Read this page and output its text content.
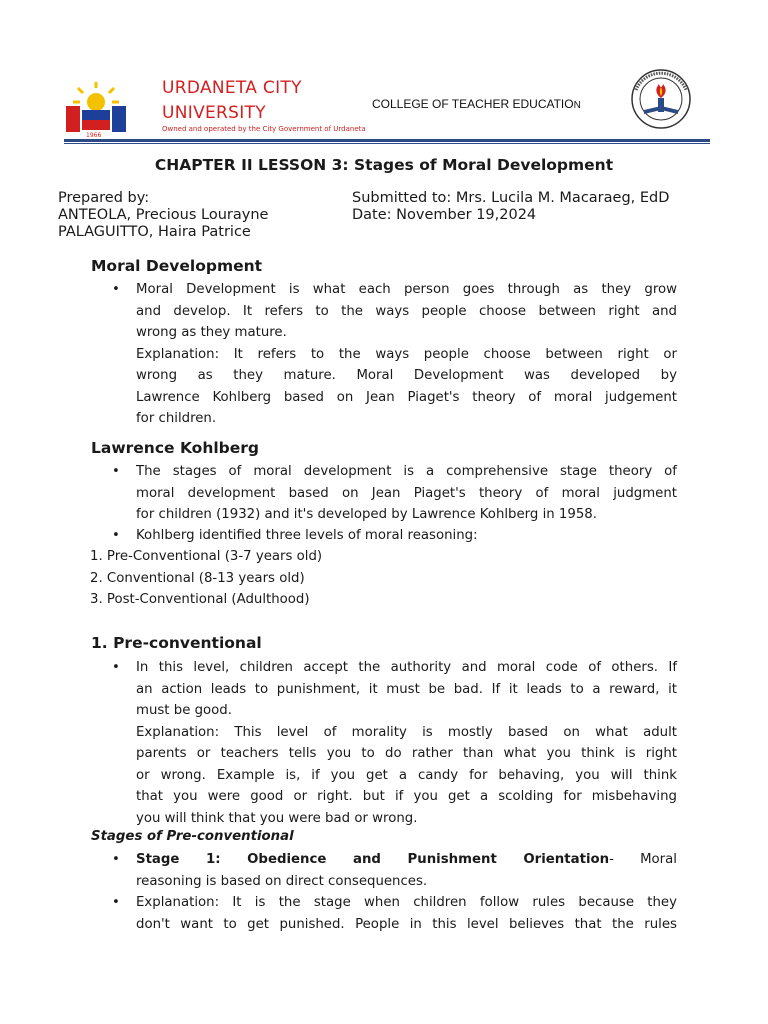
1966
URDANETA CITY
UNIVERSITY
Owned and operated by the City Government of Urdaneta
COLLEGE OF TEACHER EDUCATION
CHAPTER II LESSON 3: Stages of Moral Development
Prepared by:
ANTEOLA, Precious Lourayne
PALAGUITTO, Haira Patrice
Submitted to: Mrs. Lucila M. Macaraeg, EdD
Date: November 19,2024
Moral Development
• Moral Development is what each person goes through as they grow
and develop. It refers to the ways people choose between right and
wrong as they mature.
Explanation: It refers to the ways people choose between right or
wrong as they mature. Moral Development was developed by
Lawrence Kohlberg based on Jean Piaget's theory of moral judgement
for children.
Lawrence Kohlberg
• The stages of moral development is a comprehensive stage theory of
moral development based on Jean Piaget's theory of moral judgment
for children (1932) and it's developed by Lawrence Kohlberg in 1958.
• Kohlberg identified three levels of moral reasoning:
1. Pre-Conventional (3-7 years old)
2. Conventional (8-13 years old)
3. Post-Conventional (Adulthood)
1. Pre-conventional
• In this level, children accept the authority and moral code of others. If
an action leads to punishment, it must be bad. If it leads to a reward, it
must be good.
Explanation: This level of morality is mostly based on what adult
parents or teachers tells you to do rather than what you think is right
or wrong. Example is, if you get a candy for behaving, you will think
that you were good or right. but if you get a scolding for misbehaving
you will think that you were bad or wrong.
Stages of Pre-conventional
• Stage 1: Obedience and Punishment Orientation- Moral
reasoning is based on direct consequences.
• Explanation: It is the stage when children follow rules because they
don't want to get punished. People in this level believes that the rules
